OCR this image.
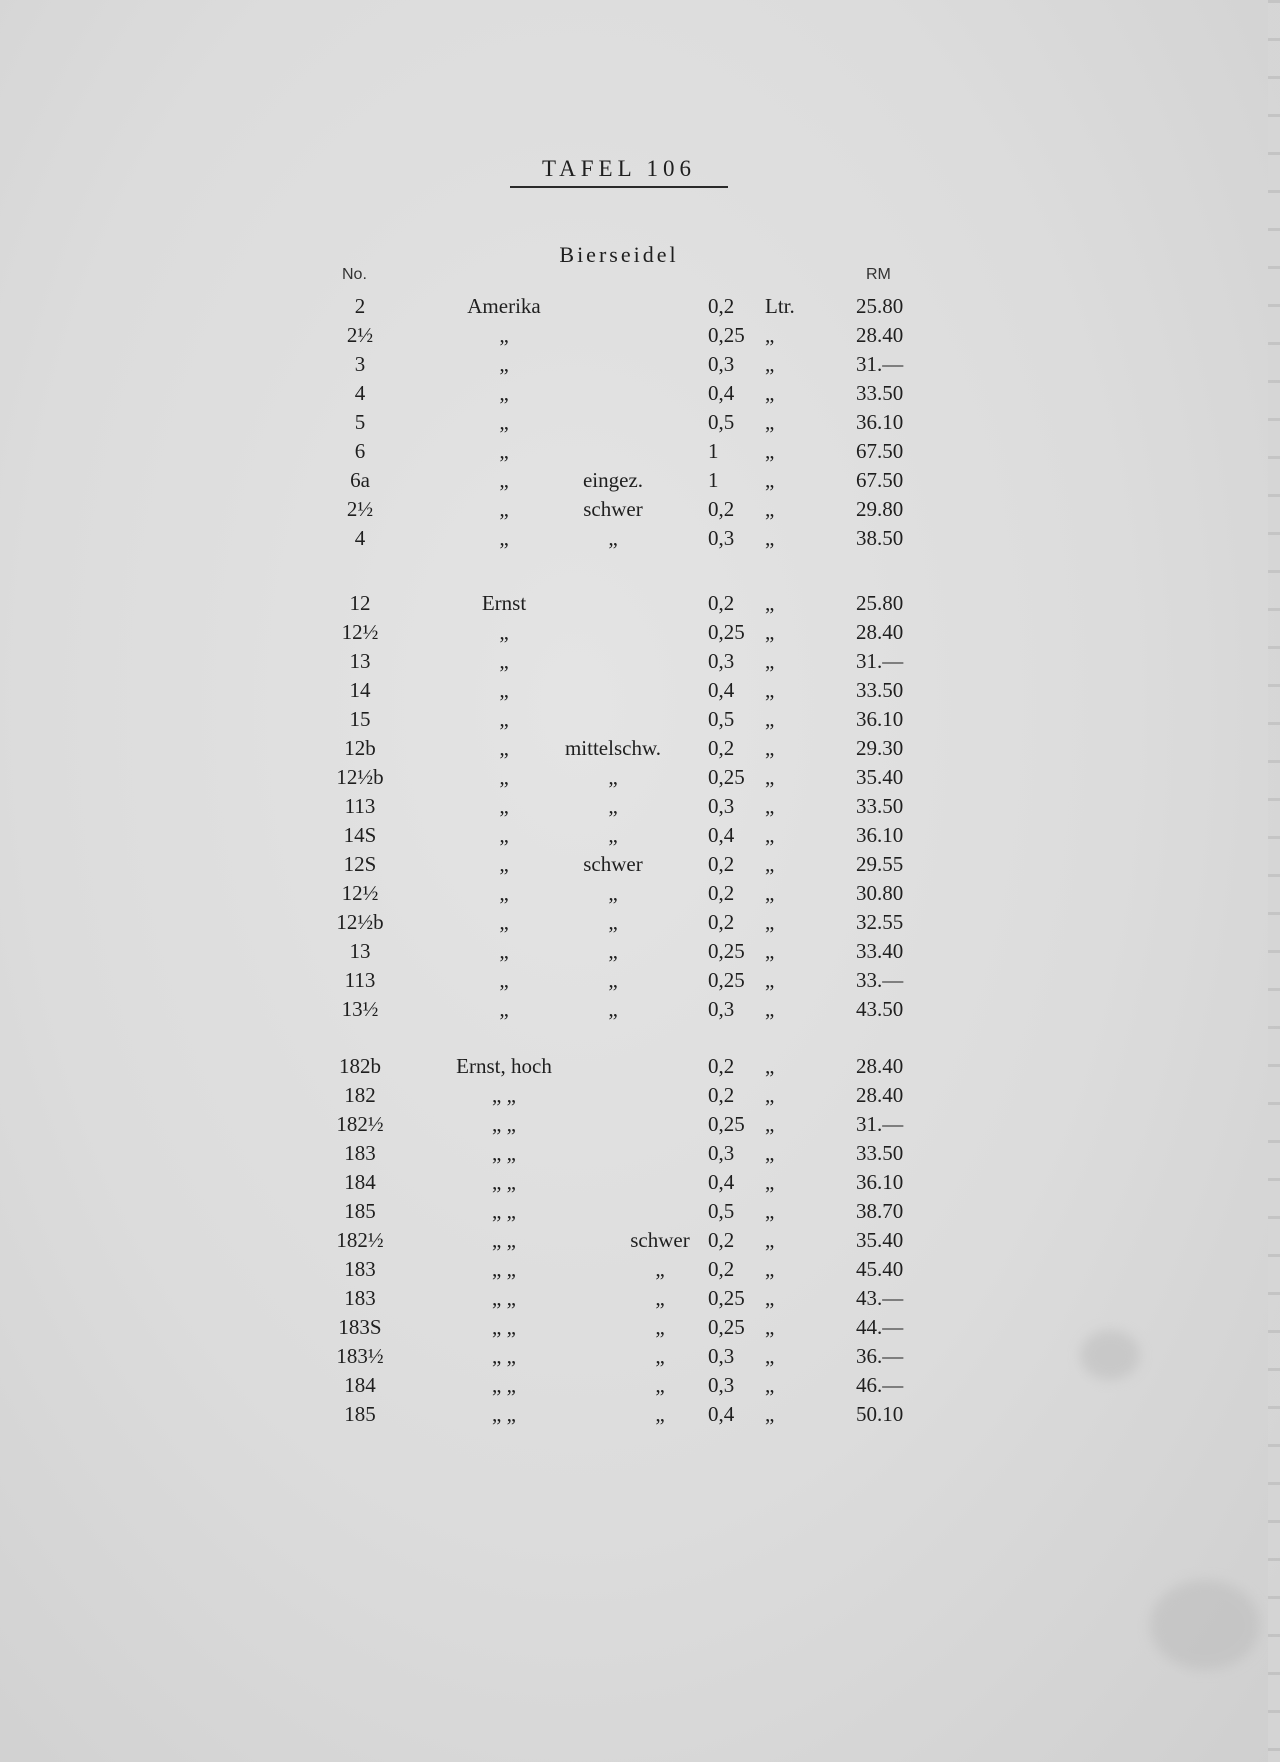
TAFEL 106
Bierseidel
No.	RM
2	Amerika	0,2 Ltr.	25.80
2½	„	0,25 „	28.40
3	„	0,3 „	31.—
4	„	0,4 „	33.50
5	„	0,5 „	36.10
6	„	1 „	67.50
6a	„	eingez.	1 „	67.50
2½	„	schwer	0,2 „	29.80
4	„	„	0,3 „	38.50
12	Ernst	0,2 „	25.80
12½	„	0,25 „	28.40
13	„	0,3 „	31.—
14	„	0,4 „	33.50
15	„	0,5 „	36.10
12b	„	mittelschw.	0,2 „	29.30
12½b	„	„	0,25 „	35.40
113	„	„	0,3 „	33.50
14S	„	„	0,4 „	36.10
12S	„	schwer	0,2 „	29.55
12½	„	„	0,2 „	30.80
12½b	„	„	0,2 „	32.55
13	„	„	0,25 „	33.40
113	„	„	0,25 „	33.—
13½	„	„	0,3 „	43.50
182b	Ernst, hoch	0,2 „	28.40
182	„ „	0,2 „	28.40
182½	„ „	0,25 „	31.—
183	„ „	0,3 „	33.50
184	„ „	0,4 „	36.10
185	„ „	0,5 „	38.70
182½	„ „	schwer 0,2 „	35.40
183	„ „	„	0,2 „	45.40
183	„ „	„	0,25 „	43.—
183S	„ „	„	0,25 „	44.—
183½	„ „	„	0,3 „	36.—
184	„ „	„	0,3 „	46.—
185	„ „	„	0,4 „	50.10
